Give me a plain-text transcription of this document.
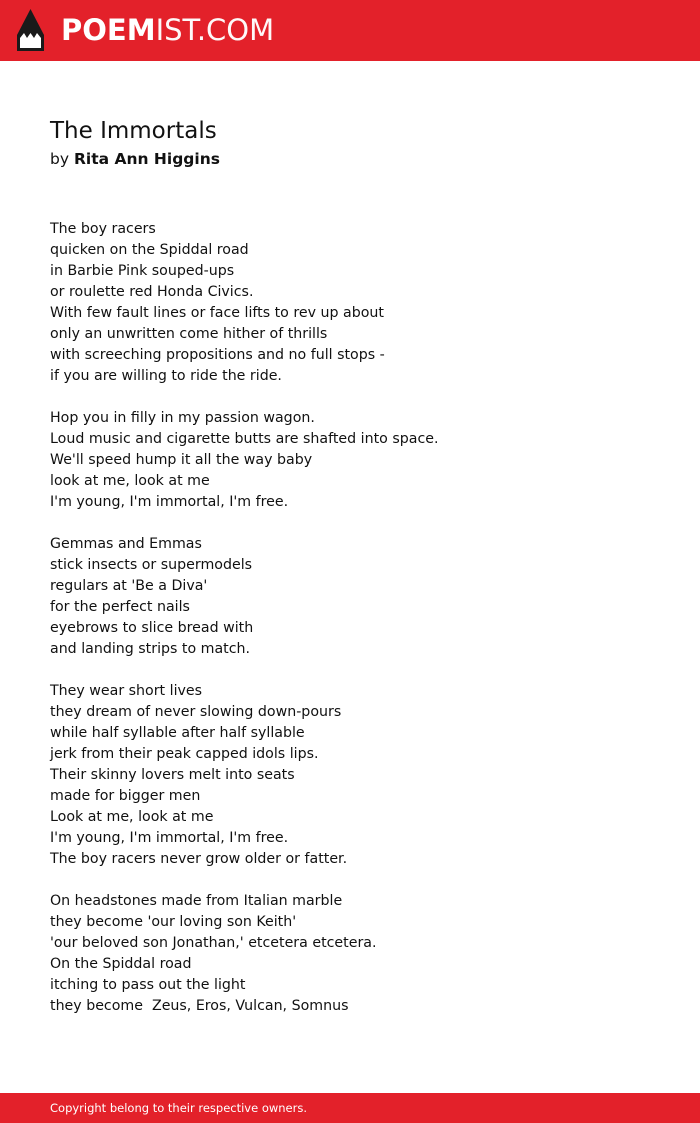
POEMIST.COM
The Immortals
by Rita Ann Higgins
The boy racers
quicken on the Spiddal road
in Barbie Pink souped-ups
or roulette red Honda Civics.
With few fault lines or face lifts to rev up about
only an unwritten come hither of thrills
with screeching propositions and no full stops -
if you are willing to ride the ride.
Hop you in filly in my passion wagon.
Loud music and cigarette butts are shafted into space.
We'll speed hump it all the way baby
look at me, look at me
I'm young, I'm immortal, I'm free.
Gemmas and Emmas
stick insects or supermodels
regulars at 'Be a Diva'
for the perfect nails
eyebrows to slice bread with
and landing strips to match.
They wear short lives
they dream of never slowing down-pours
while half syllable after half syllable
jerk from their peak capped idols lips.
Their skinny lovers melt into seats
made for bigger men
Look at me, look at me
I'm young, I'm immortal, I'm free.
The boy racers never grow older or fatter.
On headstones made from Italian marble
they become 'our loving son Keith'
'our beloved son Jonathan,' etcetera etcetera.
On the Spiddal road
itching to pass out the light
they become  Zeus, Eros, Vulcan, Somnus
Copyright belong to their respective owners.
